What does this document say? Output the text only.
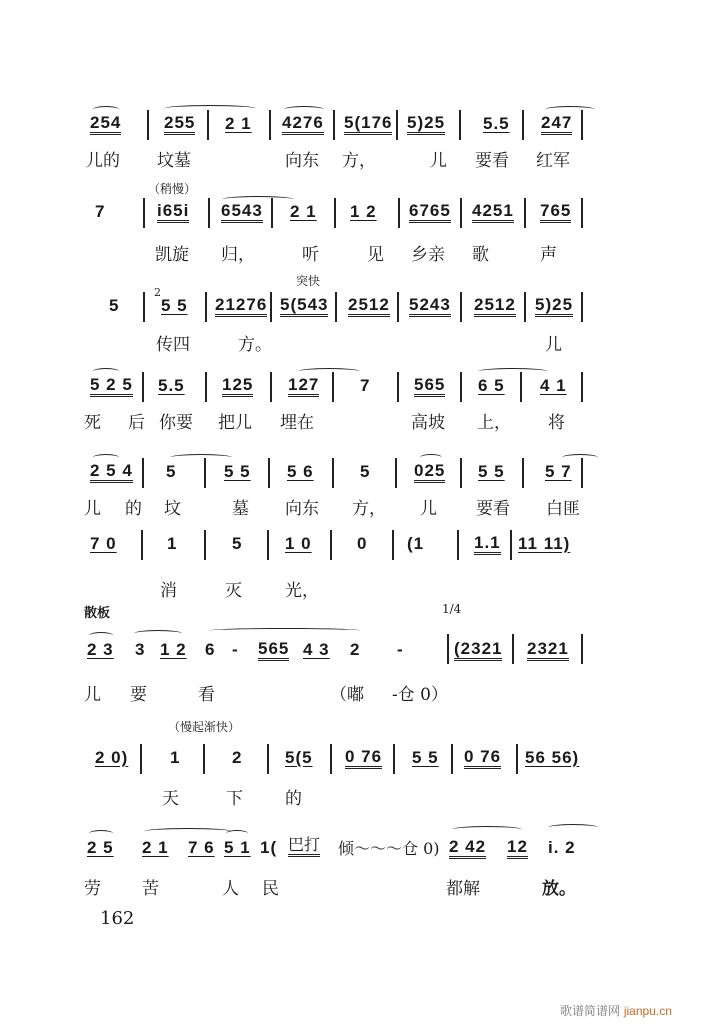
254	255 2 1 4276 5(176 5)25 5.5 247
儿的 坟墓	向东 方，	儿 要看 红军
（稍慢）
7	i65i 6543 2 1 1 2 6765 4251 765
凯旋 归，	听	见 乡亲 歌	声
突快
5
2
5 5 21276 5(543 2512 5243 2512 5)25
传四	方。	儿
5 2 5 5.5 125 127 7	565 6 5 4 1
死 后 你要 把儿 埋在	高坡 上， 将
2 5 4 5	5 5 5 6	5	025 5 5 5 7
儿 的 坟	墓 向东 方， 儿 要看 白匪
7 0	1	5	1 0	0 (1	1.1 11 11)
消	灭	光，
散板	1/4
2 3 3 1 2 6 - 565 4 3 2 -	(2321 2321
儿 要	看	（嘟 -仓 0）
（慢起渐快）
2 0) 1	2	5(5 0 76 5 5 0 76 56 56)
天	下 的
2 5 2 1 7 6 5 1 1( 巴打 倾～～～仓 0) 2 42 12 i. 2
劳 苦	人 民	都解	放。
162
歌谱简谱网 jianpu.cn
